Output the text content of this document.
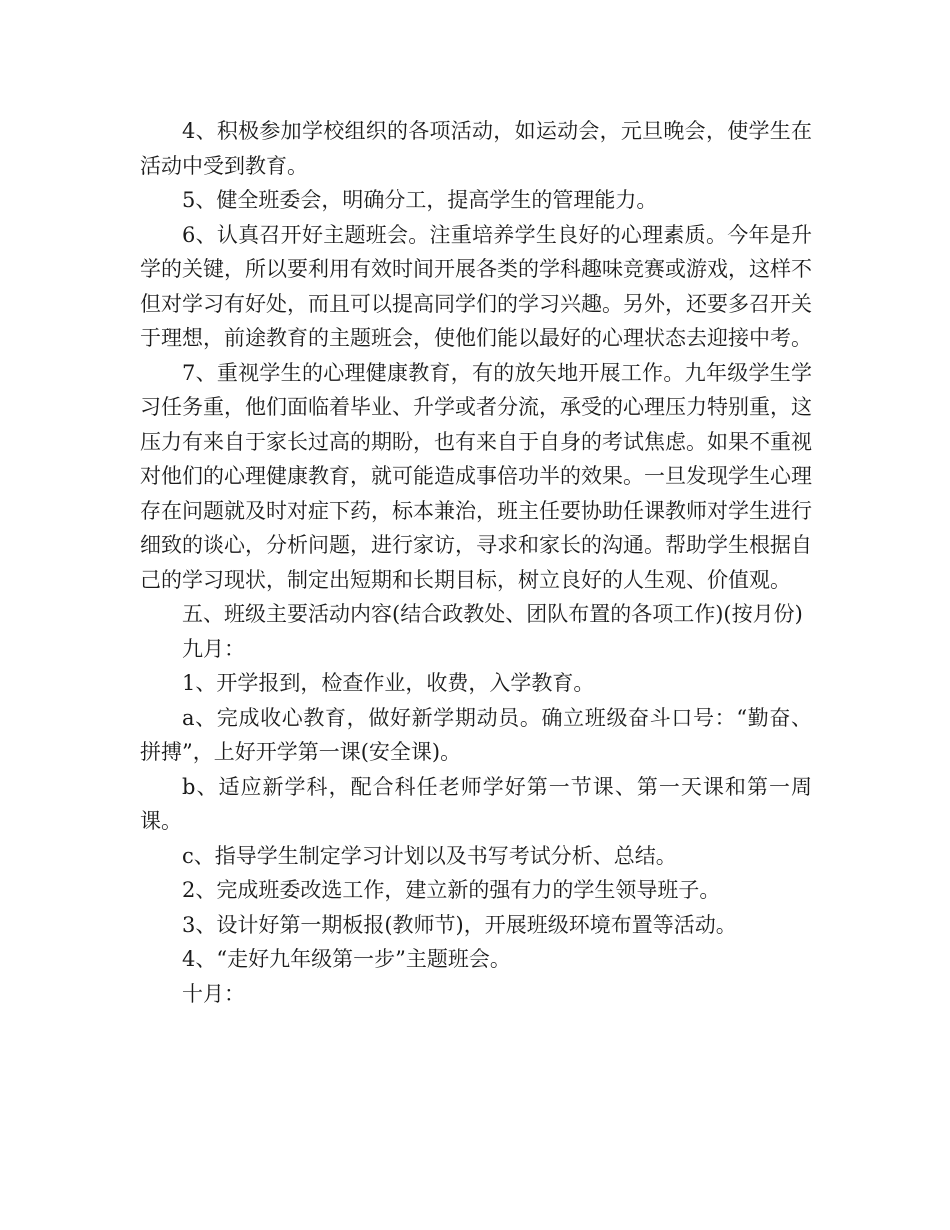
4、积极参加学校组织的各项活动，如运动会，元旦晚会，使学生在活动中受到教育。

5、健全班委会，明确分工，提高学生的管理能力。

6、认真召开好主题班会。注重培养学生良好的心理素质。今年是升学的关键，所以要利用有效时间开展各类的学科趣味竞赛或游戏，这样不但对学习有好处，而且可以提高同学们的学习兴趣。另外，还要多召开关于理想，前途教育的主题班会，使他们能以最好的心理状态去迎接中考。

7、重视学生的心理健康教育，有的放矢地开展工作。九年级学生学习任务重，他们面临着毕业、升学或者分流，承受的心理压力特别重，这压力有来自于家长过高的期盼，也有来自于自身的考试焦虑。如果不重视对他们的心理健康教育，就可能造成事倍功半的效果。一旦发现学生心理存在问题就及时对症下药，标本兼治，班主任要协助任课教师对学生进行细致的谈心，分析问题，进行家访，寻求和家长的沟通。帮助学生根据自己的学习现状，制定出短期和长期目标，树立良好的人生观、价值观。

五、班级主要活动内容(结合政教处、团队布置的各项工作)(按月份)

九月：

1、开学报到，检查作业，收费，入学教育。

a、完成收心教育，做好新学期动员。确立班级奋斗口号：“勤奋、拼搏”，上好开学第一课(安全课)。

b、适应新学科，配合科任老师学好第一节课、第一天课和第一周课。

c、指导学生制定学习计划以及书写考试分析、总结。

2、完成班委改选工作，建立新的强有力的学生领导班子。

3、设计好第一期板报(教师节)，开展班级环境布置等活动。

4、“走好九年级第一步”主题班会。

十月：
